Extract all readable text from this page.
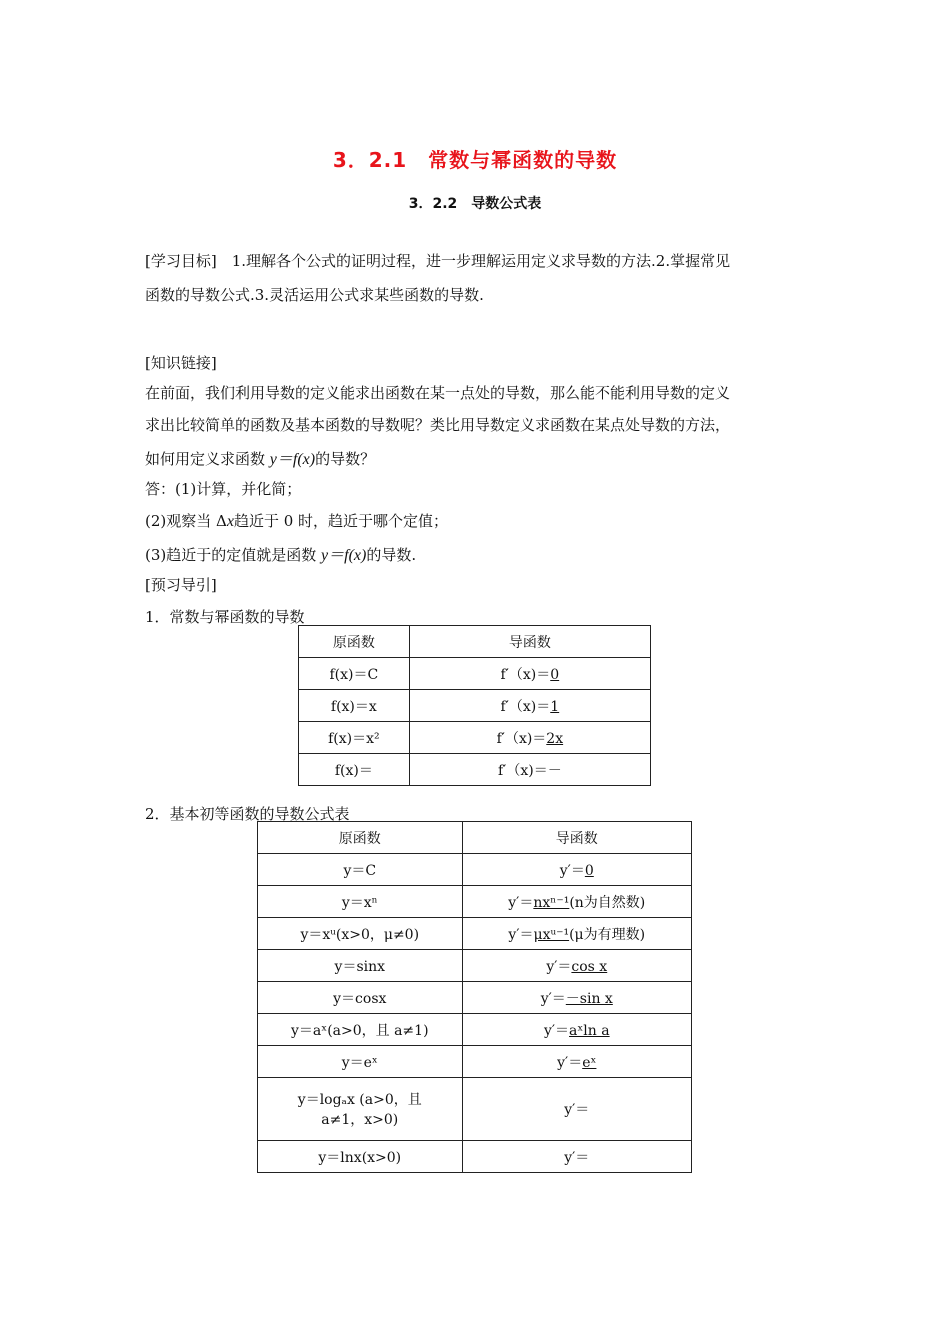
3．2.1　常数与幂函数的导数
3．2.2　导数公式表
[学习目标]　1.理解各个公式的证明过程，进一步理解运用定义求导数的方法.2.掌握常见
函数的导数公式.3.灵活运用公式求某些函数的导数.
[知识链接]
在前面，我们利用导数的定义能求出函数在某一点处的导数，那么能不能利用导数的定义
求出比较简单的函数及基本函数的导数呢？类比用导数定义求函数在某点处导数的方法，
如何用定义求函数 y＝f(x)的导数？
答：(1)计算，并化简；
(2)观察当 Δx趋近于 0 时，趋近于哪个定值；
(3)趋近于的定值就是函数 y＝f(x)的导数.
[预习导引]
1．常数与幂函数的导数
原函数	导函数
f(x)＝C	f′（x)＝0
f(x)＝x	f′（x)＝1
f(x)＝x²	f′（x)＝2x
f(x)＝	f′（x)＝－
2．基本初等函数的导数公式表
原函数	导函数
y＝C	y′＝0
y＝xⁿ	y′＝nxⁿ⁻¹(n为自然数)
y＝xᵘ(x>0，μ≠0)	y′＝μxᵘ⁻¹(μ为有理数)
y＝sinx	y′＝cos x
y＝cosx	y′＝－sin x
y＝aˣ(a>0，且 a≠1)	y′＝aˣln a
y＝eˣ	y′＝eˣ
y＝logₐx (a>0，且
a≠1，x>0)	y′＝
y＝lnx(x>0)	y′＝
